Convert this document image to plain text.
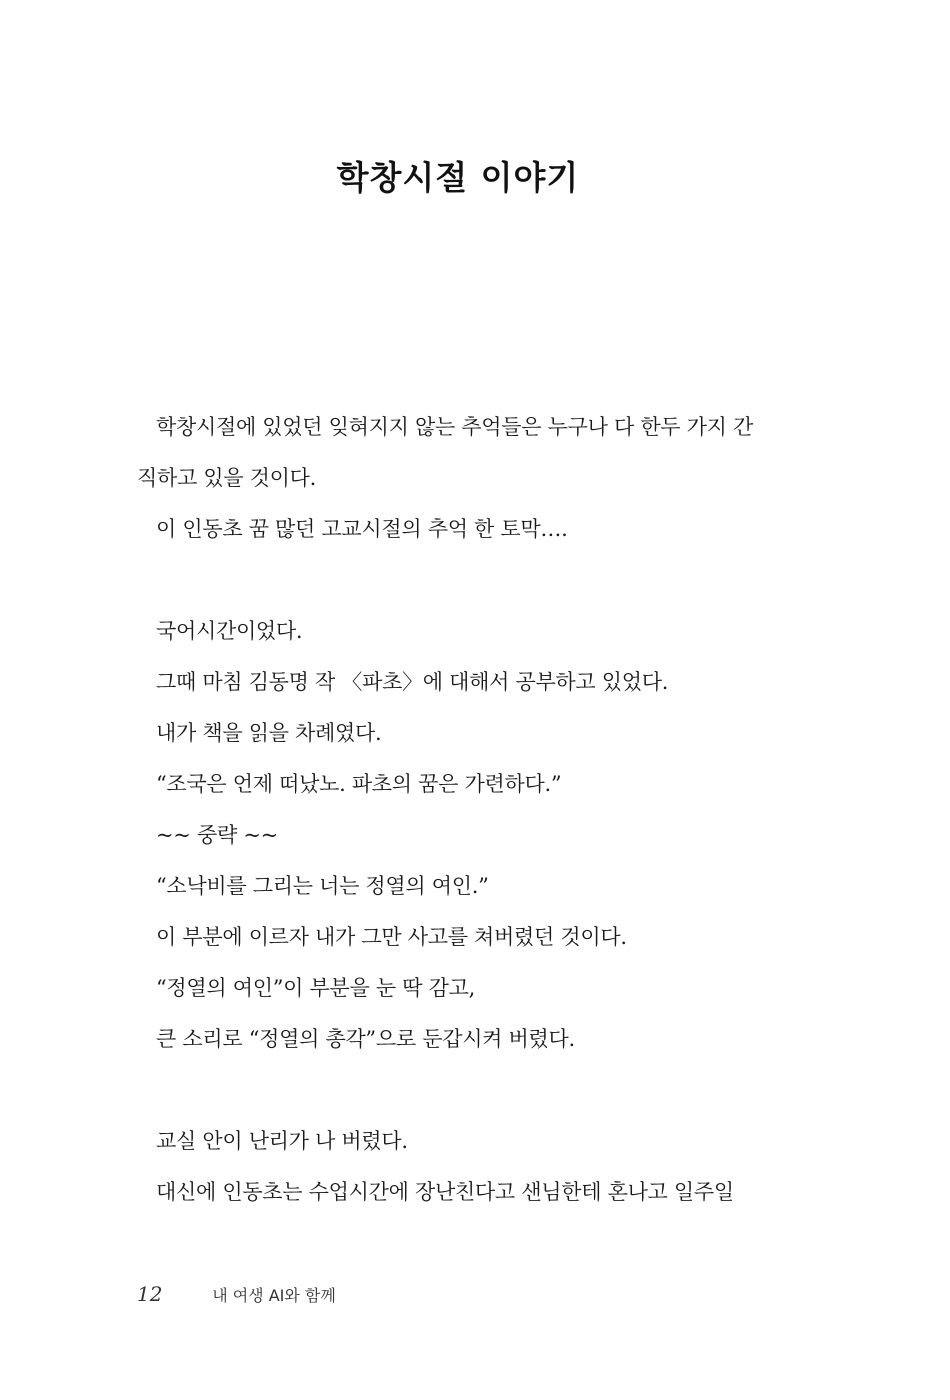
학창시절 이야기

학창시절에 있었던 잊혀지지 않는 추억들은 누구나 다 한두 가지 간

직하고 있을 것이다.

이 인동초 꿈 많던 고교시절의 추억 한 토막….

국어시간이었다.

그때 마침 김동명 작 〈파초〉에 대해서 공부하고 있었다.

내가 책을 읽을 차례였다.

“조국은 언제 떠났노. 파초의 꿈은 가련하다.”

~~ 중략 ~~

“소낙비를 그리는 너는 정열의 여인.”

이 부분에 이르자 내가 그만 사고를 쳐버렸던 것이다.

“정열의 여인”이 부분을 눈 딱 감고,

큰 소리로 “정열의 총각”으로 둔갑시켜 버렸다.

교실 안이 난리가 나 버렸다.

대신에 인동초는 수업시간에 장난친다고 샌님한테 혼나고 일주일

12	내 여생 AI와 함께
